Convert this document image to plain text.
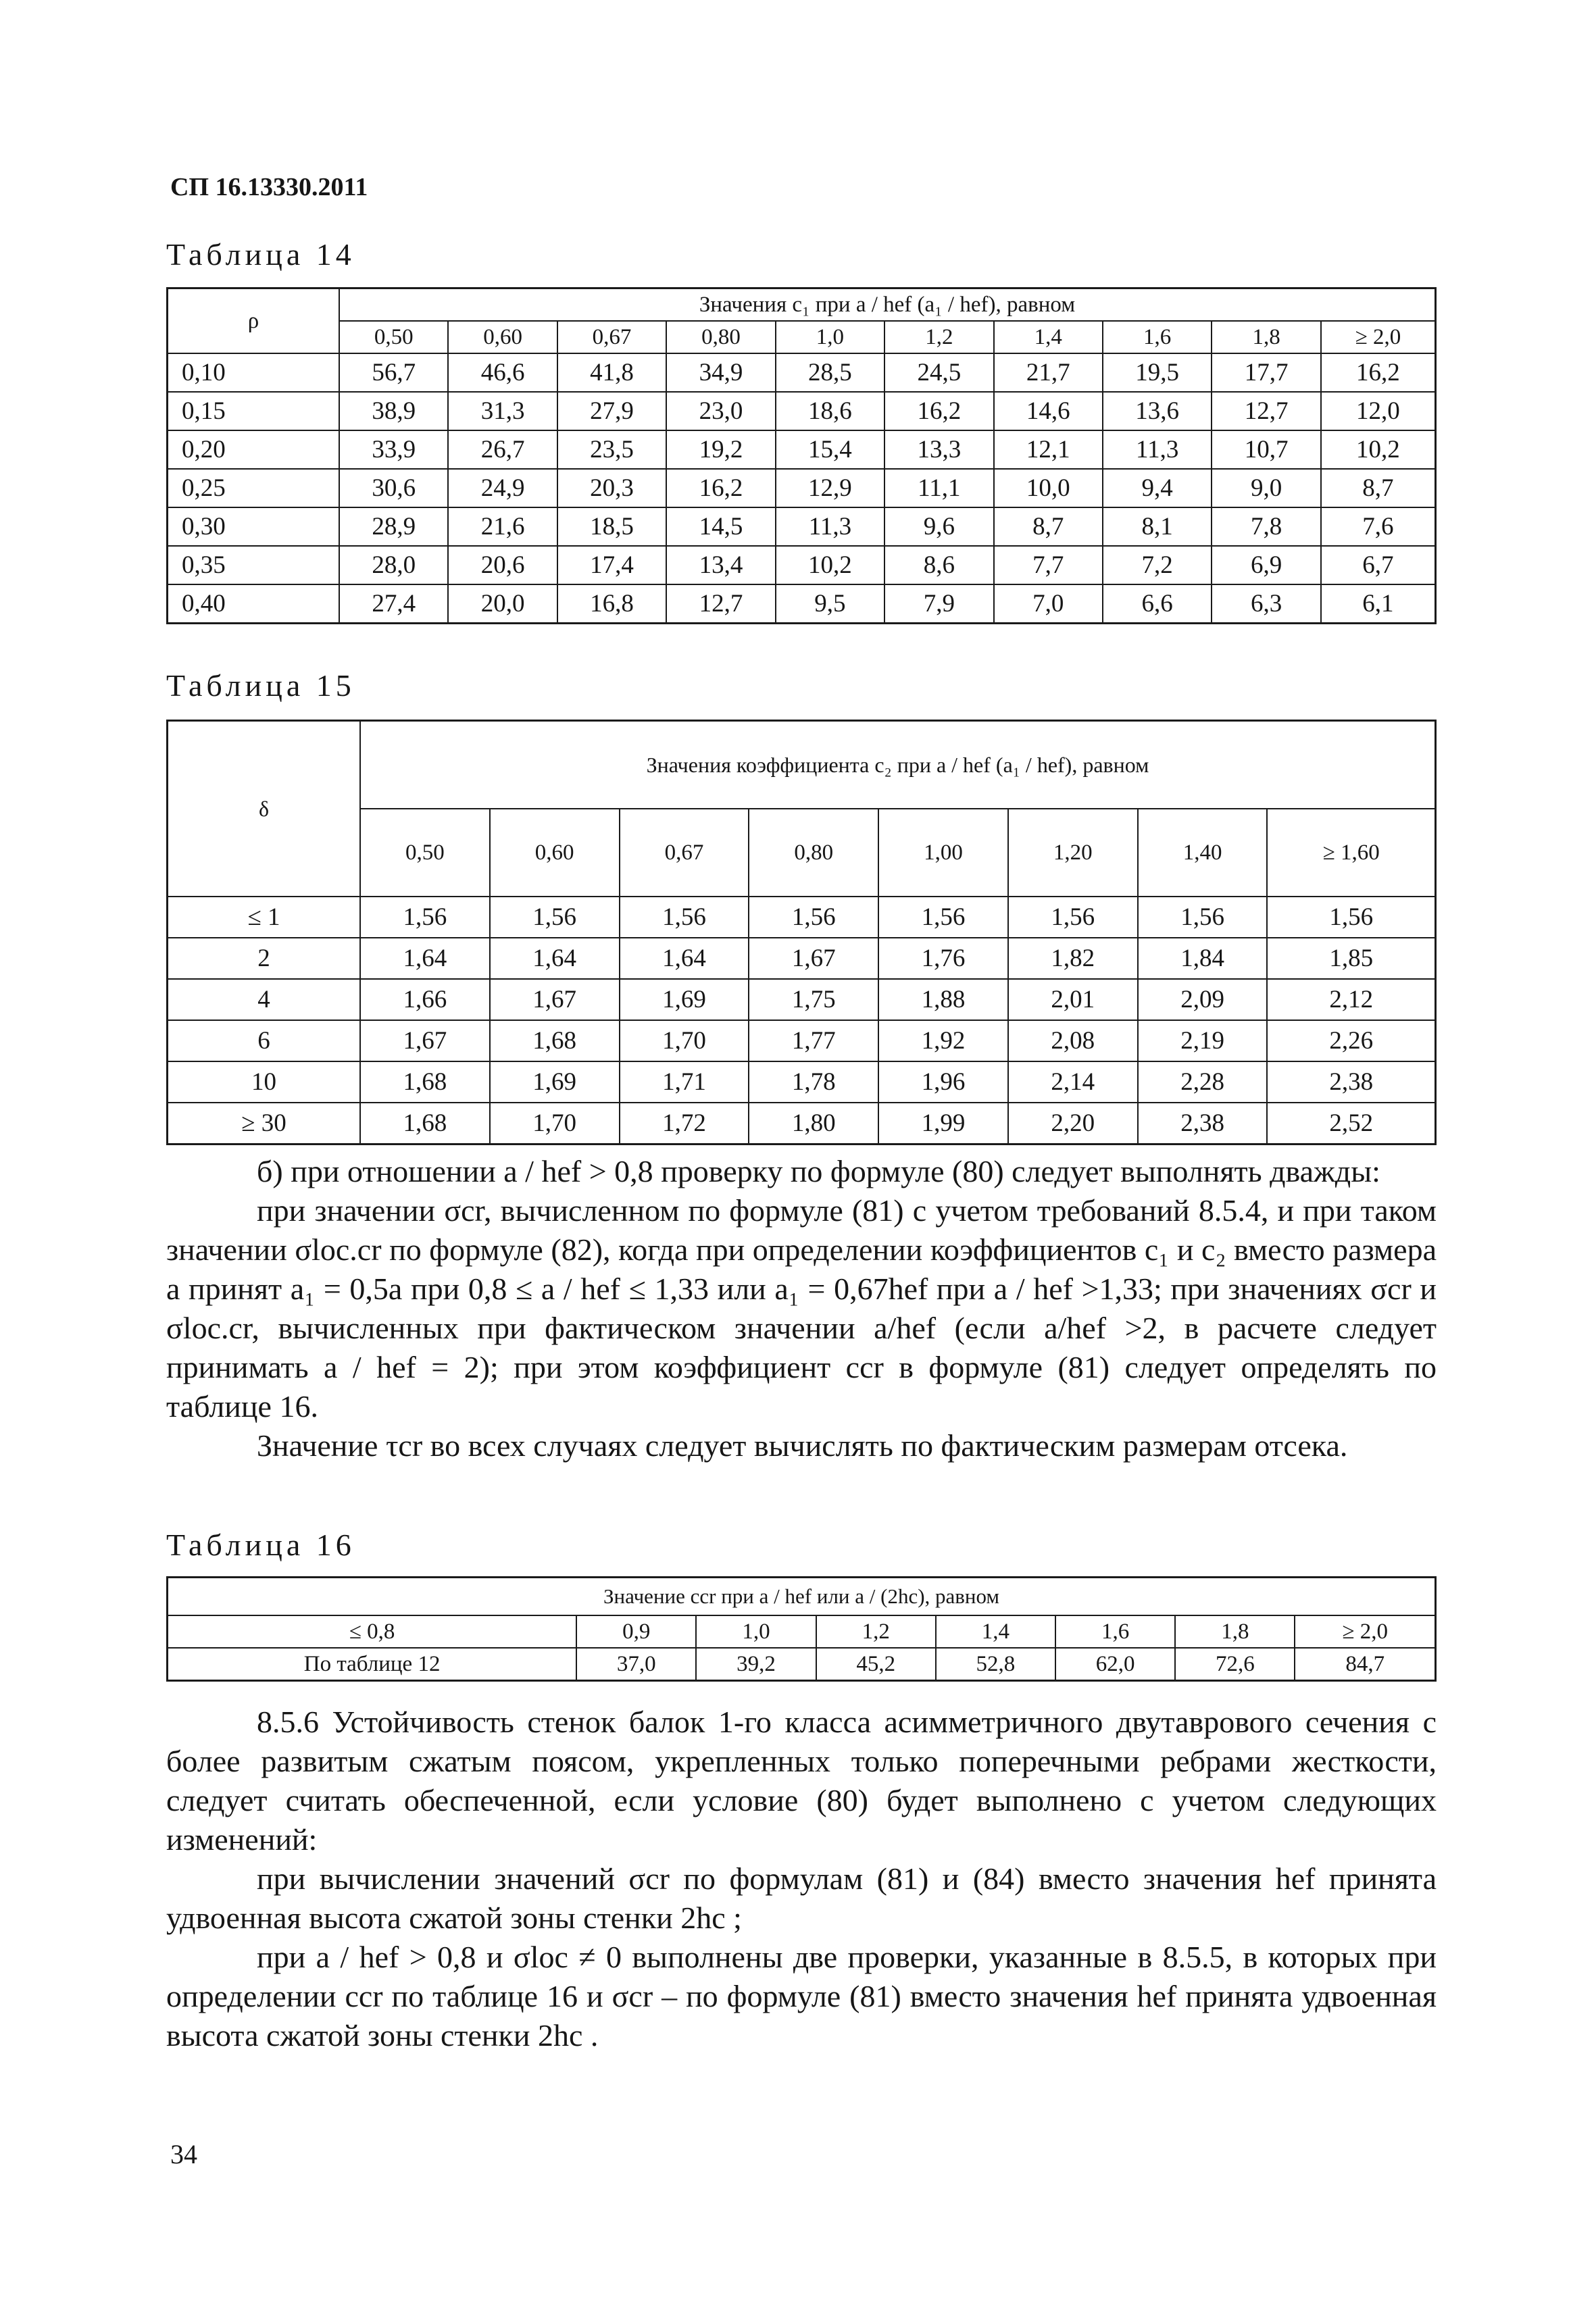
СП 16.13330.2011
Таблица 14
ρ	Значения c₁ при a / hef (a₁ / hef), равном									
	0,50	0,60	0,67	0,80	1,0	1,2	1,4	1,6	1,8	≥ 2,0
0,10	56,7	46,6	41,8	34,9	28,5	24,5	21,7	19,5	17,7	16,2
0,15	38,9	31,3	27,9	23,0	18,6	16,2	14,6	13,6	12,7	12,0
0,20	33,9	26,7	23,5	19,2	15,4	13,3	12,1	11,3	10,7	10,2
0,25	30,6	24,9	20,3	16,2	12,9	11,1	10,0	9,4	9,0	8,7
0,30	28,9	21,6	18,5	14,5	11,3	9,6	8,7	8,1	7,8	7,6
0,35	28,0	20,6	17,4	13,4	10,2	8,6	7,7	7,2	6,9	6,7
0,40	27,4	20,0	16,8	12,7	9,5	7,9	7,0	6,6	6,3	6,1
Таблица 15
δ	Значения коэффициента c₂ при a / hef (a₁ / hef), равном							
	0,50	0,60	0,67	0,80	1,00	1,20	1,40	≥ 1,60
≤ 1	1,56	1,56	1,56	1,56	1,56	1,56	1,56	1,56
2	1,64	1,64	1,64	1,67	1,76	1,82	1,84	1,85
4	1,66	1,67	1,69	1,75	1,88	2,01	2,09	2,12
6	1,67	1,68	1,70	1,77	1,92	2,08	2,19	2,26
10	1,68	1,69	1,71	1,78	1,96	2,14	2,28	2,38
≥ 30	1,68	1,70	1,72	1,80	1,99	2,20	2,38	2,52

б) при отношении a / hef > 0,8 проверку по формуле (80) следует выполнять дважды:

при значении σcr, вычисленном по формуле (81) с учетом требований 8.5.4, и при таком значении σloc.cr по формуле (82), когда при определении коэффициентов c₁ и c₂ вместо размера a принят a₁ = 0,5a при 0,8 ≤ a / hef ≤ 1,33 или a₁ = 0,67hef при a / hef >1,33; при значениях σcr и σloc.cr, вычисленных при фактическом значении a/hef (если a/hef >2, в расчете следует принимать a / hef = 2); при этом коэффициент ccr в формуле (81) следует определять по таблице 16.

Значение τcr во всех случаях следует вычислять по фактическим размерам отсека.

Таблица 16
Значение ccr при a / hef или a / (2hc), равном							
≤ 0,8	0,9	1,0	1,2	1,4	1,6	1,8	≥ 2,0
По таблице 12	37,0	39,2	45,2	52,8	62,0	72,6	84,7

8.5.6 Устойчивость стенок балок 1-го класса асимметричного двутаврового сечения с более развитым сжатым поясом, укрепленных только поперечными ребрами жесткости, следует считать обеспеченной, если условие (80) будет выполнено с учетом следующих изменений:

при вычислении значений σcr по формулам (81) и (84) вместо значения hef принята удвоенная высота сжатой зоны стенки 2hc ;

при a / hef > 0,8 и σloc ≠ 0 выполнены две проверки, указанные в 8.5.5, в которых при определении ccr по таблице 16 и σcr – по формуле (81) вместо значения hef принята удвоенная высота сжатой зоны стенки 2hc .

34
